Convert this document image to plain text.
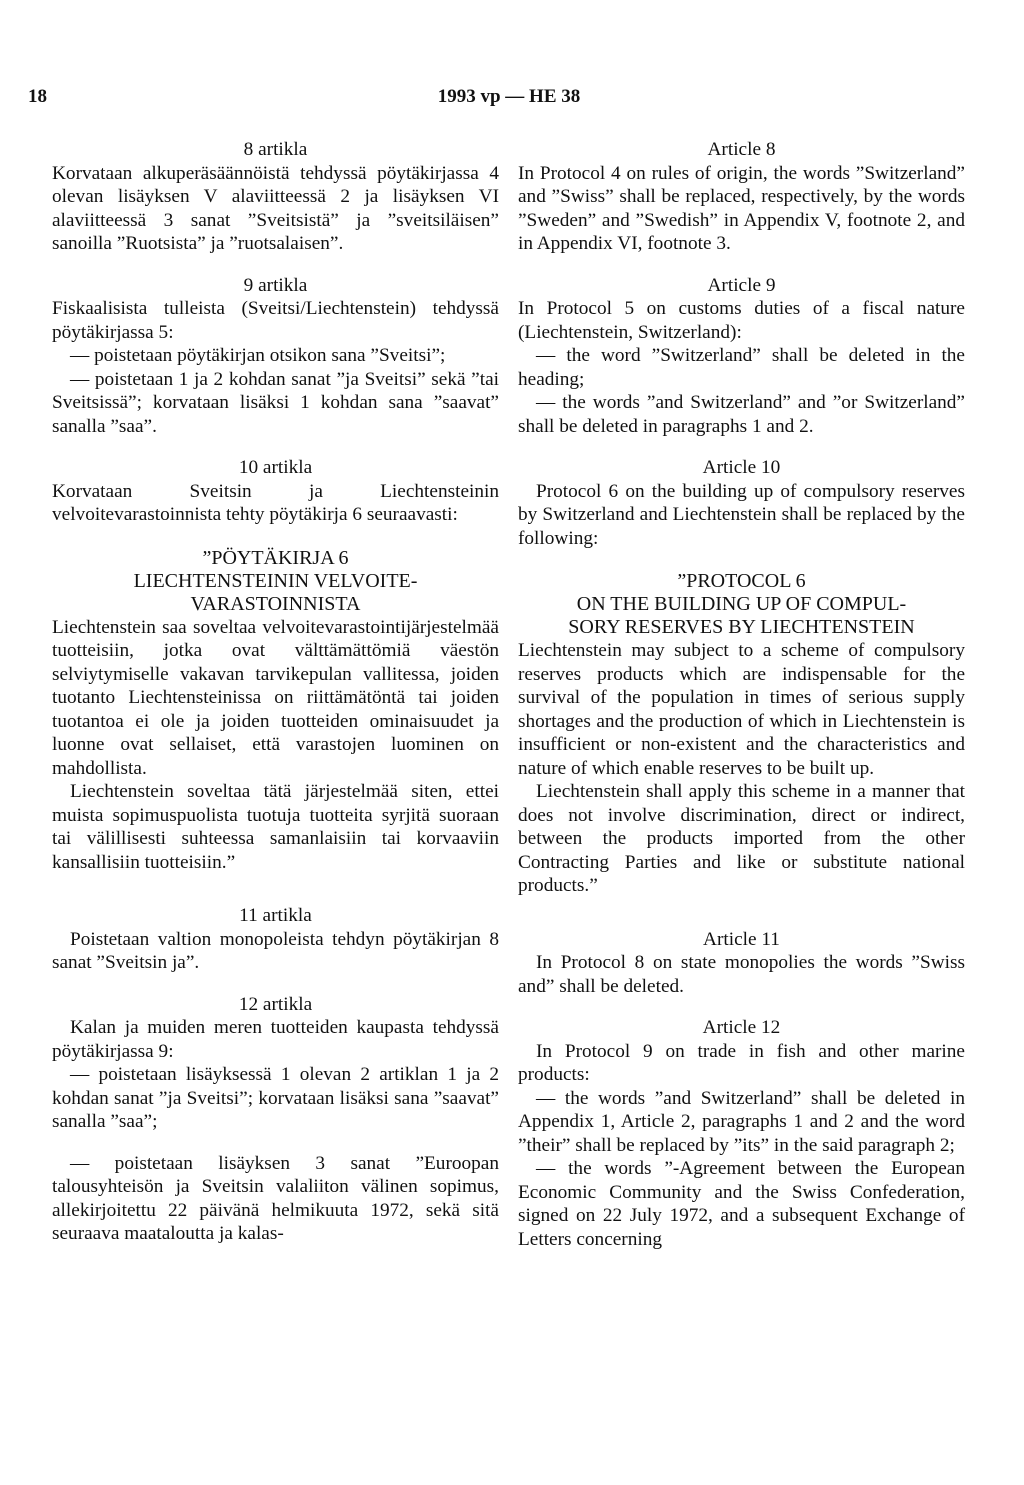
18	1993 vp — HE 38

8 artikla

Korvataan alkuperäsäännöistä tehdyssä pöytäkirjassa 4 olevan lisäyksen V alaviitteessä 2 ja lisäyksen VI alaviitteessä 3 sanat ”Sveitsistä” ja ”sveitsiläisen” sanoilla ”Ruotsista” ja ”ruotsalaisen”.

9 artikla

Fiskaalisista tulleista (Sveitsi/Liechtenstein) tehdyssä pöytäkirjassa 5:

— poistetaan pöytäkirjan otsikon sana ”Sveitsi”;

— poistetaan 1 ja 2 kohdan sanat ”ja Sveitsi” sekä ”tai Sveitsissä”; korvataan lisäksi 1 kohdan sana ”saavat” sanalla ”saa”.

10 artikla

Korvataan Sveitsin ja Liechtensteinin velvoitevarastoinnista tehty pöytäkirja 6 seuraavasti:

”PÖYTÄKIRJA 6

LIECHTENSTEININ VELVOITE-

VARASTOINNISTA

Liechtenstein saa soveltaa velvoitevarastointijärjestelmää tuotteisiin, jotka ovat välttämättömiä väestön selviytymiselle vakavan tarvikepulan vallitessa, joiden tuotanto Liechtensteinissa on riittämätöntä tai joiden tuotantoa ei ole ja joiden tuotteiden ominaisuudet ja luonne ovat sellaiset, että varastojen luominen on mahdollista.

Liechtenstein soveltaa tätä järjestelmää siten, ettei muista sopimuspuolista tuotuja tuotteita syrjitä suoraan tai välillisesti suhteessa samanlaisiin tai korvaaviin kansallisiin tuotteisiin.”

11 artikla

Poistetaan valtion monopoleista tehdyn pöytäkirjan 8 sanat ”Sveitsin ja”.

12 artikla

Kalan ja muiden meren tuotteiden kaupasta tehdyssä pöytäkirjassa 9:

— poistetaan lisäyksessä 1 olevan 2 artiklan 1 ja 2 kohdan sanat ”ja Sveitsi”; korvataan lisäksi sana ”saavat” sanalla ”saa”;

— poistetaan lisäyksen 3 sanat ”Euroopan talousyhteisön ja Sveitsin valaliiton välinen sopimus, allekirjoitettu 22 päivänä helmikuuta 1972, sekä sitä seuraava maataloutta ja kalas-

Article 8

In Protocol 4 on rules of origin, the words ”Switzerland” and ”Swiss” shall be replaced, respectively, by the words ”Sweden” and ”Swedish” in Appendix V, footnote 2, and in Appendix VI, footnote 3.

Article 9

In Protocol 5 on customs duties of a fiscal nature (Liechtenstein, Switzerland):

— the word ”Switzerland” shall be deleted in the heading;

— the words ”and Switzerland” and ”or Switzerland” shall be deleted in paragraphs 1 and 2.

Article 10

Protocol 6 on the building up of compulsory reserves by Switzerland and Liechtenstein shall be replaced by the following:

”PROTOCOL 6

ON THE BUILDING UP OF COMPUL-

SORY RESERVES BY LIECHTENSTEIN

Liechtenstein may subject to a scheme of compulsory reserves products which are indispensable for the survival of the population in times of serious supply shortages and the production of which in Liechtenstein is insufficient or non-existent and the characteristics and nature of which enable reserves to be built up.

Liechtenstein shall apply this scheme in a manner that does not involve discrimination, direct or indirect, between the products imported from the other Contracting Parties and like or substitute national products.”

Article 11

In Protocol 8 on state monopolies the words ”Swiss and” shall be deleted.

Article 12

In Protocol 9 on trade in fish and other marine products:

— the words ”and Switzerland” shall be deleted in Appendix 1, Article 2, paragraphs 1 and 2 and the word ”their” shall be replaced by ”its” in the said paragraph 2;

— the words ”-Agreement between the European Economic Community and the Swiss Confederation, signed on 22 July 1972, and a subsequent Exchange of Letters concerning
